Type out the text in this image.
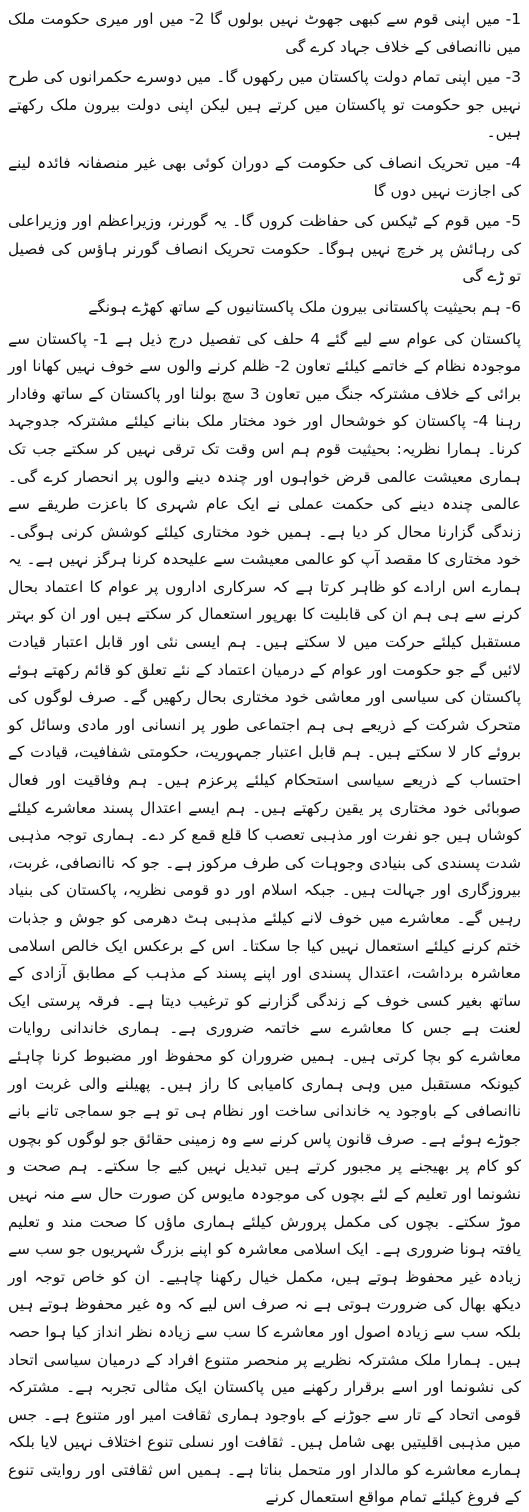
1- میں اپنی قوم سے کبھی جھوٹ نہیں بولوں گا 2- میں اور میری حکومت ملک میں ناانصافی کے خلاف جہاد کرے گی
3- میں اپنی تمام دولت پاکستان میں رکھوں گا۔ میں دوسرے حکمرانوں کی طرح نہیں جو حکومت تو پاکستان میں کرتے ہیں لیکن اپنی دولت بیرون ملک رکھتے ہیں۔
4- میں تحریک انصاف کی حکومت کے دوران کوئی بھی غیر منصفانہ فائدہ لینے کی اجازت نہیں دوں گا
5- میں قوم کے ٹیکس کی حفاظت کروں گا۔ یہ گورنر، وزیراعظم اور وزیراعلی کی رہائش پر خرچ نہیں ہوگا۔ حکومت تحریک انصاف گورنر ہاؤس کی فصیل تو ڑے گی
6- ہم بحیثیت پاکستانی بیرون ملک پاکستانیوں کے ساتھ کھڑے ہونگے
پاکستان کی عوام سے لیے گئے 4 حلف کی تفصیل درج ذیل ہے 1- پاکستان سے موجودہ نظام کے خاتمے کیلئے تعاون 2- ظلم کرنے والوں سے خوف نہیں کھانا اور برائی کے خلاف مشترکہ جنگ میں تعاون 3 سچ بولنا اور پاکستان کے ساتھ وفادار رہنا 4- پاکستان کو خوشحال اور خود مختار ملک بنانے کیلئے مشترکہ جدوجہد کرنا۔ ہمارا نظریہ: بحیثیت قوم ہم اس وقت تک ترقی نہیں کر سکتے جب تک ہماری معیشت عالمی قرض خواہوں اور چندہ دینے والوں پر انحصار کرے گی۔ عالمی چندہ دینے کی حکمت عملی نے ایک عام شہری کا باعزت طریقے سے زندگی گزارنا محال کر دیا ہے۔ ہمیں خود مختاری کیلئے کوشش کرنی ہوگی۔ خود مختاری کا مقصد آپ کو عالمی معیشت سے علیحدہ کرنا ہرگز نہیں ہے۔ یہ ہمارے اس ارادے کو ظاہر کرتا ہے کہ سرکاری اداروں پر عوام کا اعتماد بحال کرنے سے ہی ہم ان کی قابلیت کا بھرپور استعمال کر سکتے ہیں اور ان کو بہتر مستقبل کیلئے حرکت میں لا سکتے ہیں۔ ہم ایسی نئی اور قابل اعتبار قیادت لائیں گے جو حکومت اور عوام کے درمیان اعتماد کے نئے تعلق کو قائم رکھتے ہوئے پاکستان کی سیاسی اور معاشی خود مختاری بحال رکھیں گے۔ صرف لوگوں کی متحرک شرکت کے ذریعے ہی ہم اجتماعی طور پر انسانی اور مادی وسائل کو بروئے کار لا سکتے ہیں۔ ہم قابل اعتبار جمہوریت، حکومتی شفافیت، قیادت کے احتساب کے ذریعے سیاسی استحکام کیلئے پرعزم ہیں۔ ہم وفاقیت اور فعال صوبائی خود مختاری پر یقین رکھتے ہیں۔ ہم ایسے اعتدال پسند معاشرے کیلئے کوشاں ہیں جو نفرت اور مذہبی تعصب کا قلع قمع کر دے۔ ہماری توجہ مذہبی شدت پسندی کی بنیادی وجوہات کی طرف مرکوز ہے۔ جو کہ ناانصافی، غربت، بیروزگاری اور جہالت ہیں۔ جبکہ اسلام اور دو قومی نظریہ، پاکستان کی بنیاد رہیں گے۔ معاشرے میں خوف لانے کیلئے مذہبی ہٹ دھرمی کو جوش و جذبات ختم کرنے کیلئے استعمال نہیں کیا جا سکتا۔ اس کے برعکس ایک خالص اسلامی معاشرہ برداشت، اعتدال پسندی اور اپنے پسند کے مذہب کے مطابق آزادی کے ساتھ بغیر کسی خوف کے زندگی گزارنے کو ترغیب دیتا ہے۔ فرقہ پرستی ایک لعنت ہے جس کا معاشرے سے خاتمہ ضروری ہے۔ ہماری خاندانی روایات معاشرے کو بچا کرتی ہیں۔ ہمیں ضروران کو محفوظ اور مضبوط کرنا چاہئے کیونکہ مستقبل میں وہی ہماری کامیابی کا راز ہیں۔ پھیلنے والی غربت اور ناانصافی کے باوجود یہ خاندانی ساخت اور نظام ہی تو ہے جو سماجی تانے بانے جوڑے ہوئے ہے۔ صرف قانون پاس کرنے سے وہ زمینی حقائق جو لوگوں کو بچوں کو کام پر بھیجنے پر مجبور کرتے ہیں تبدیل نہیں کیے جا سکتے۔ ہم صحت و نشونما اور تعلیم کے لئے بچوں کی موجودہ مایوس کن صورت حال سے منہ نہیں موڑ سکتے۔ بچوں کی مکمل پرورش کیلئے ہماری ماؤں کا صحت مند و تعلیم یافتہ ہونا ضروری ہے۔ ایک اسلامی معاشرہ کو اپنے بزرگ شہریوں جو سب سے زیادہ غیر محفوظ ہوتے ہیں، مکمل خیال رکھنا چاہیے۔ ان کو خاص توجہ اور دیکھ بھال کی ضرورت ہوتی ہے نہ صرف اس لیے کہ وہ غیر محفوظ ہوتے ہیں بلکہ سب سے زیادہ اصول اور معاشرے کا سب سے زیادہ نظر انداز کیا ہوا حصہ ہیں۔ ہمارا ملک مشترکہ نظریے پر منحصر متنوع افراد کے درمیان سیاسی اتحاد کی نشونما اور اسے برقرار رکھنے میں پاکستان ایک مثالی تجربہ ہے۔ مشترکہ قومی اتحاد کے تار سے جوڑنے کے باوجود ہماری ثقافت امیر اور متنوع ہے۔ جس میں مذہبی اقلیتیں بھی شامل ہیں۔ ثقافت اور نسلی تنوع اختلاف نہیں لایا بلکہ ہمارے معاشرے کو مالدار اور متحمل بناتا ہے۔ ہمیں اس ثقافتی اور روایتی تنوع کے فروغ کیلئے تمام مواقع استعمال کرنے
